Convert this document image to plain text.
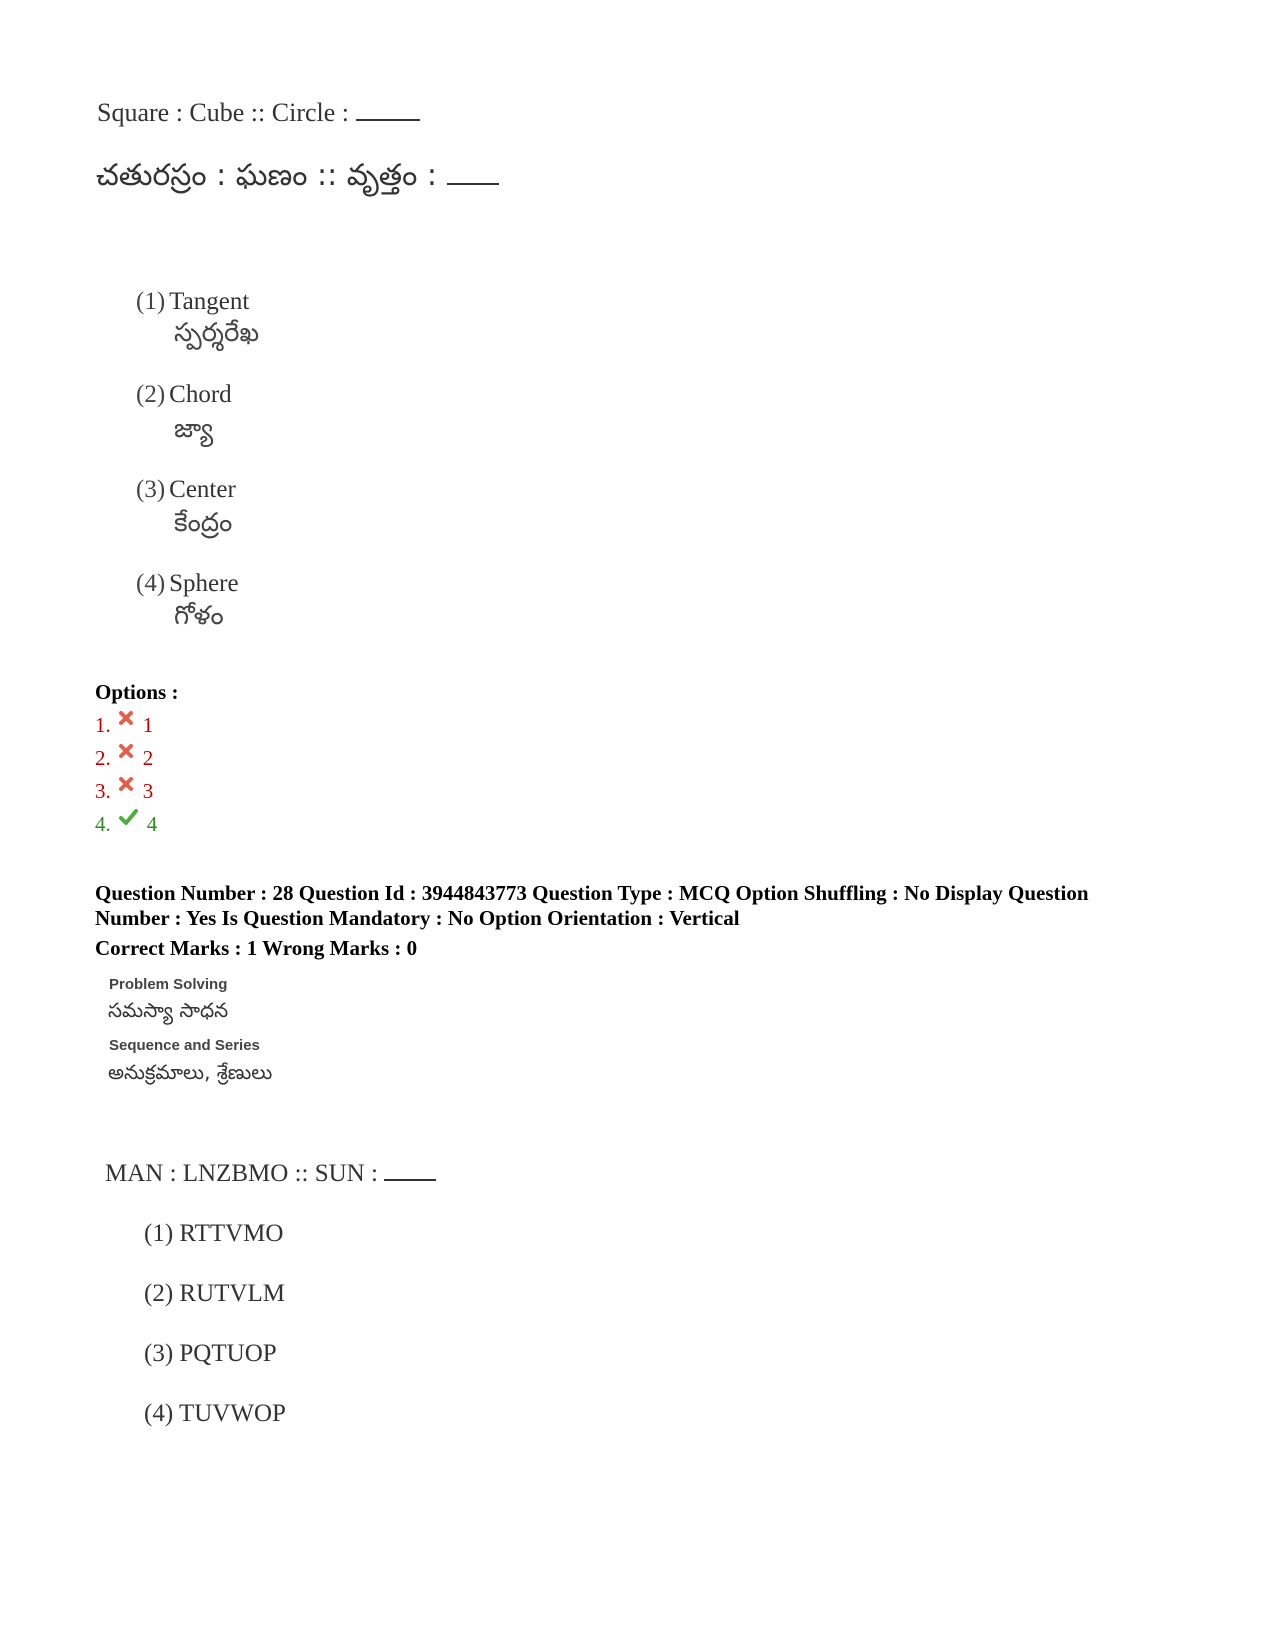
Square : Cube :: Circle :
చతురస్రం : ఘణం :: వృత్తం :
(1) Tangent
స్పర్శరేఖ
(2) Chord
జ్యా
(3) Center
కేంద్రం
(4) Sphere
గోళం
Options :
1. 1
2. 2
3. 3
4. 4
Question Number : 28 Question Id : 3944843773 Question Type : MCQ Option Shuffling : No Display Question
Number : Yes Is Question Mandatory : No Option Orientation : Vertical
Correct Marks : 1 Wrong Marks : 0
Problem Solving
సమస్యా సాధన
Sequence and Series
అనుక్రమాలు, శ్రేణులు
MAN : LNZBMO :: SUN :
(1) RTTVMO
(2) RUTVLM
(3) PQTUOP
(4) TUVWOP
